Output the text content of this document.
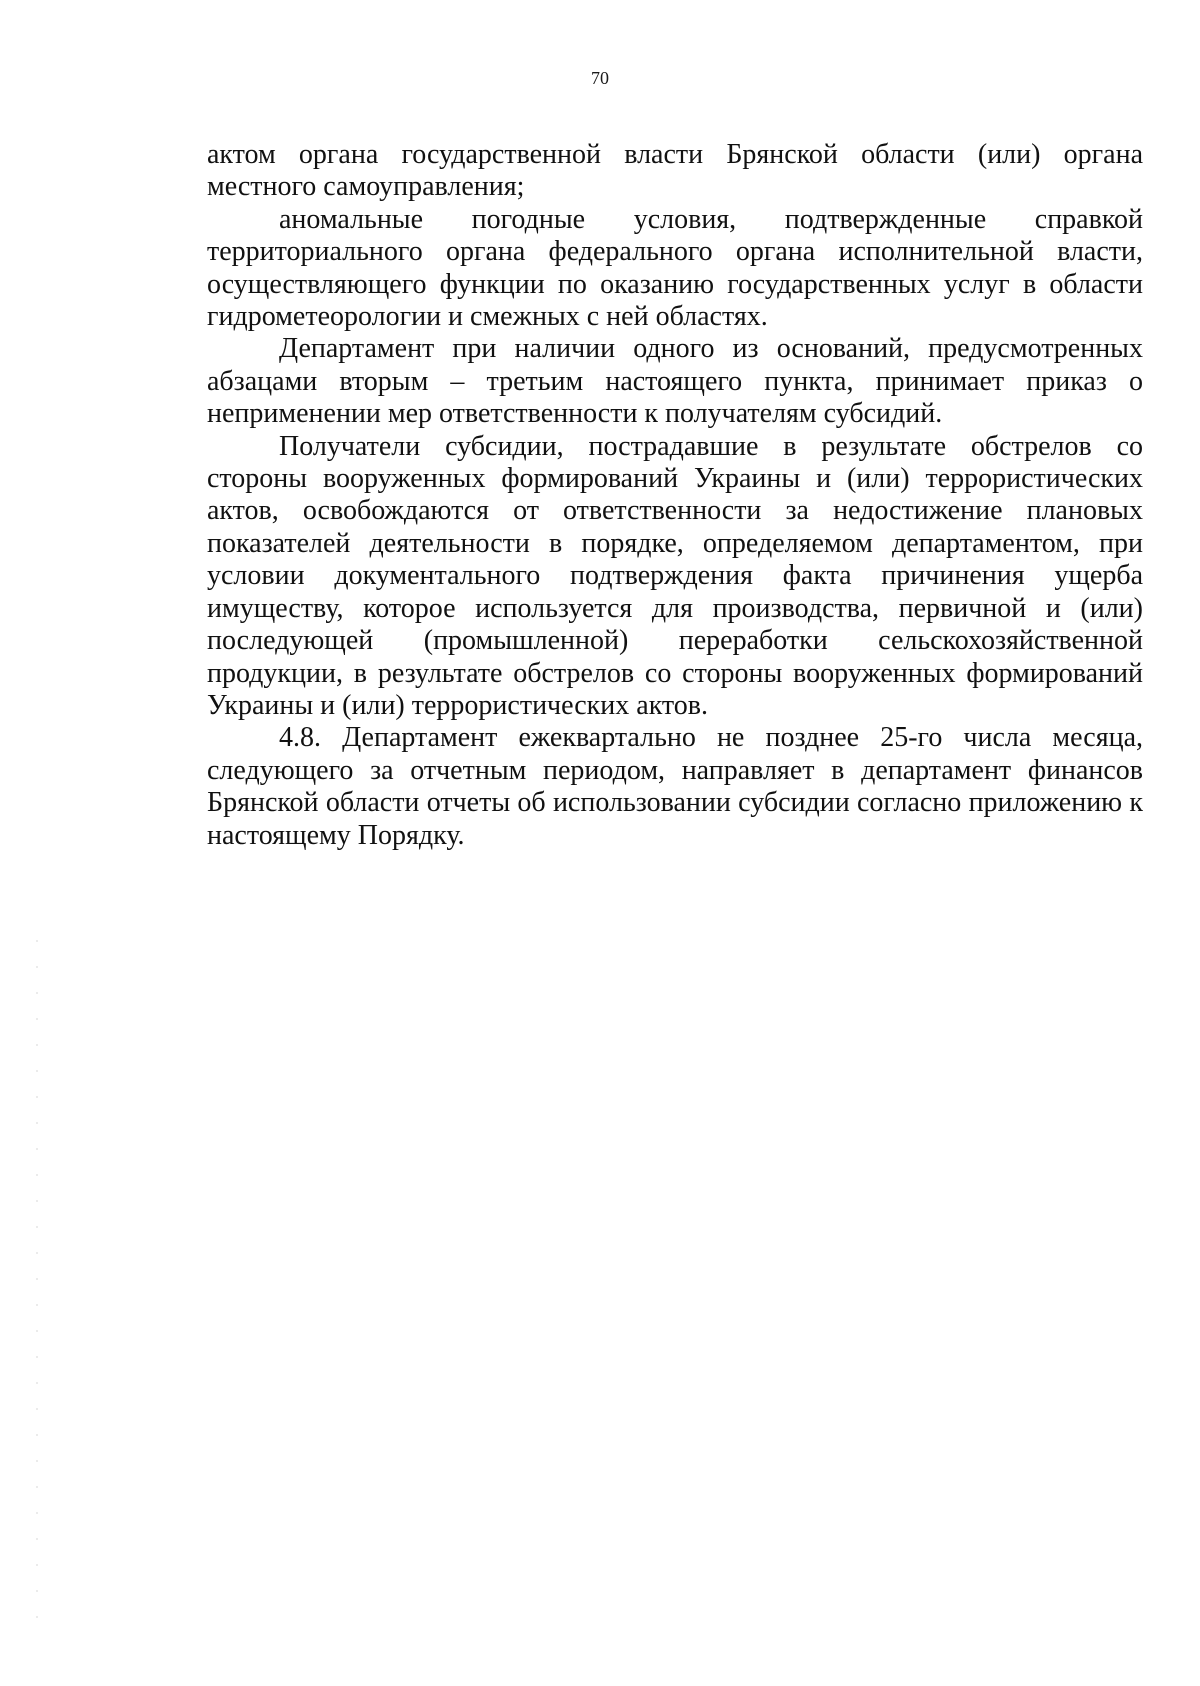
70

актом органа государственной власти Брянской области (или) органа местного самоуправления;

аномальные погодные условия, подтвержденные справкой территориального органа федерального органа исполнительной власти, осуществляющего функции по оказанию государственных услуг в области гидрометеорологии и смежных с ней областях.

Департамент при наличии одного из оснований, предусмотренных абзацами вторым – третьим настоящего пункта, принимает приказ о неприменении мер ответственности к получателям субсидий.

Получатели субсидии, пострадавшие в результате обстрелов со стороны вооруженных формирований Украины и (или) террористических актов, освобождаются от ответственности за недостижение плановых показателей деятельности в порядке, определяемом департаментом, при условии документального подтверждения факта причинения ущерба имуществу, которое используется для производства, первичной и (или) последующей (промышленной) переработки сельскохозяйственной продукции, в результате обстрелов со стороны вооруженных формирований Украины и (или) террористических актов.

4.8. Департамент ежеквартально не позднее 25-го числа месяца, следующего за отчетным периодом, направляет в департамент финансов Брянской области отчеты об использовании субсидии согласно приложению к настоящему Порядку.
